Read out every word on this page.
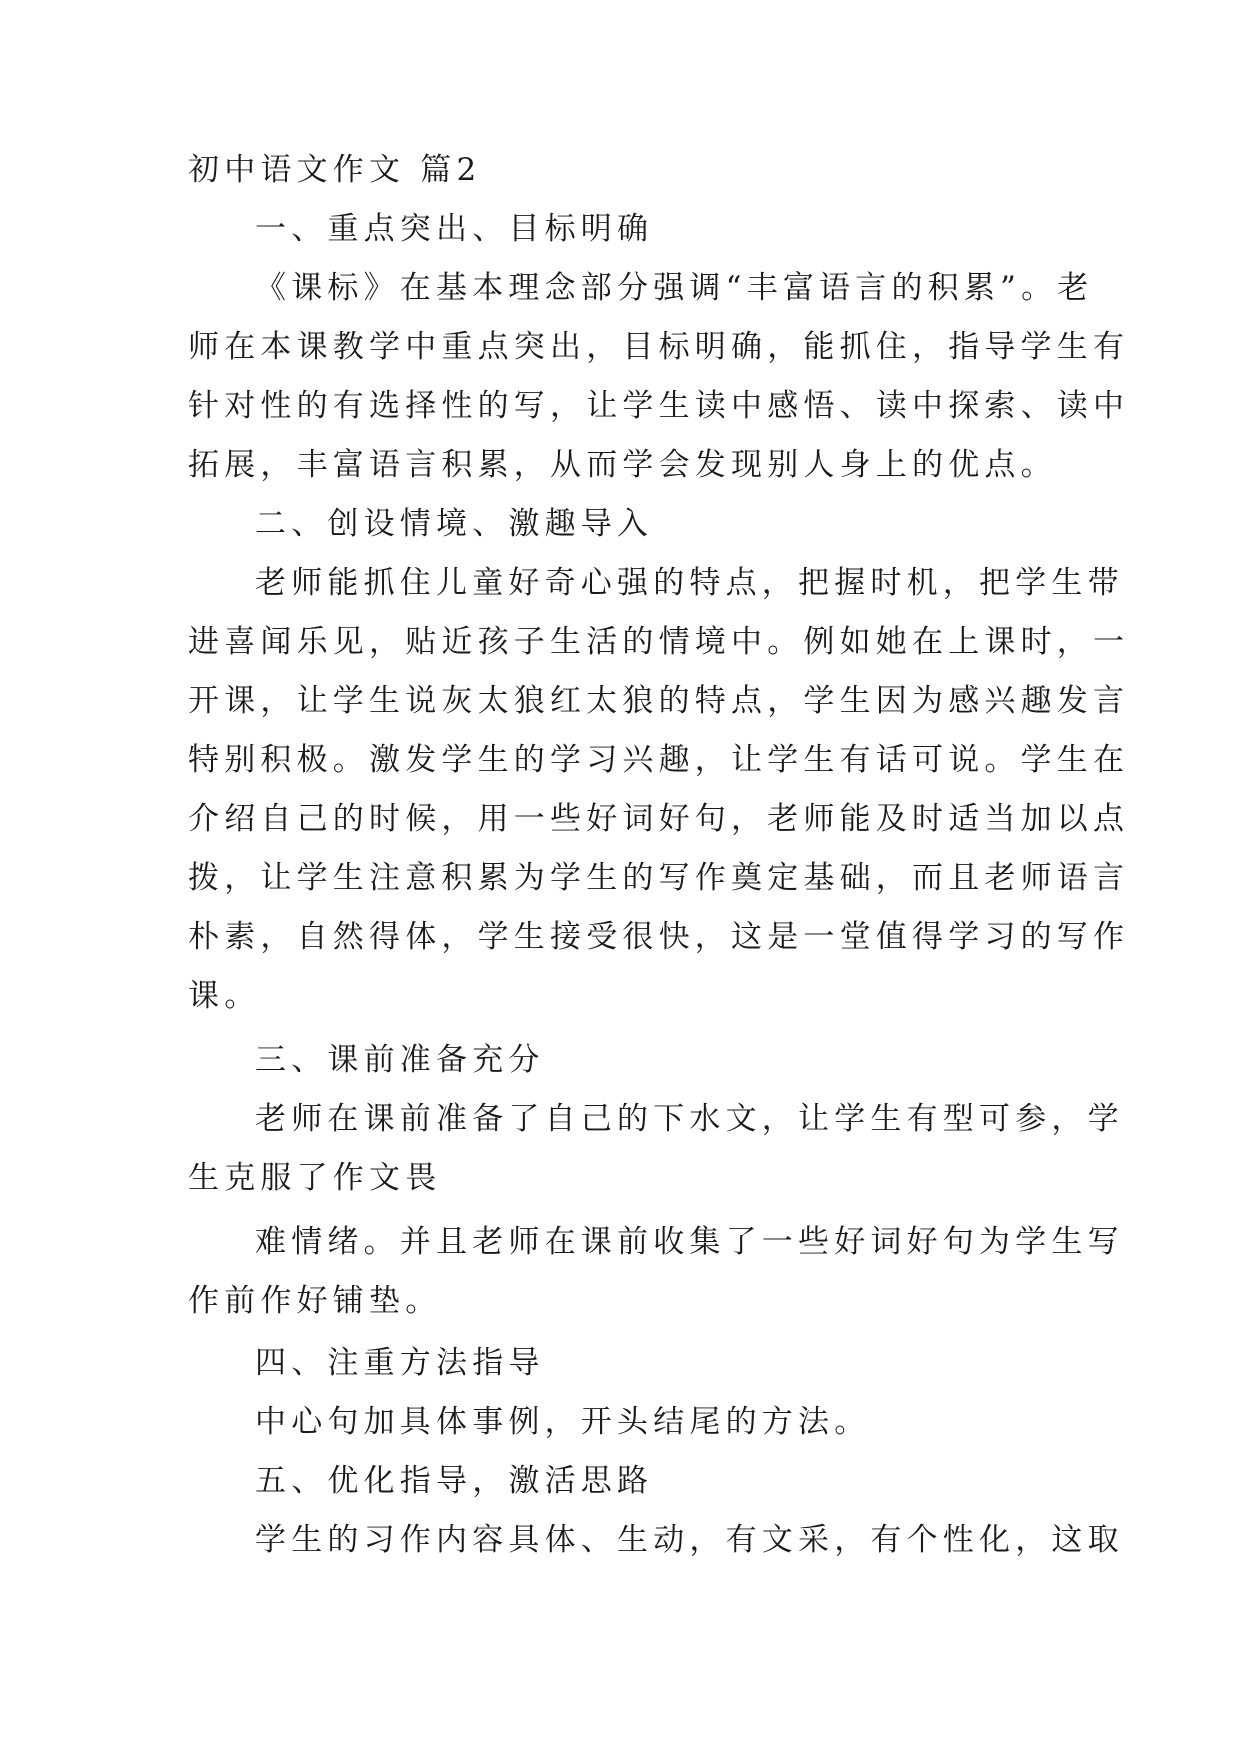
初中语文作文 篇2
一、重点突出、目标明确
《课标》在基本理念部分强调“丰富语言的积累”。老
师在本课教学中重点突出，目标明确，能抓住，指导学生有
针对性的有选择性的写，让学生读中感悟、读中探索、读中
拓展，丰富语言积累，从而学会发现别人身上的优点。
二、创设情境、激趣导入
老师能抓住儿童好奇心强的特点，把握时机，把学生带
进喜闻乐见，贴近孩子生活的情境中。例如她在上课时，一
开课，让学生说灰太狼红太狼的特点，学生因为感兴趣发言
特别积极。激发学生的学习兴趣，让学生有话可说。学生在
介绍自己的时候，用一些好词好句，老师能及时适当加以点
拨，让学生注意积累为学生的写作奠定基础，而且老师语言
朴素，自然得体，学生接受很快，这是一堂值得学习的写作
课。
三、课前准备充分
老师在课前准备了自己的下水文，让学生有型可参，学
生克服了作文畏
难情绪。并且老师在课前收集了一些好词好句为学生写
作前作好铺垫。
四、注重方法指导
中心句加具体事例，开头结尾的方法。
五、优化指导，激活思路
学生的习作内容具体、生动，有文采，有个性化，这取
